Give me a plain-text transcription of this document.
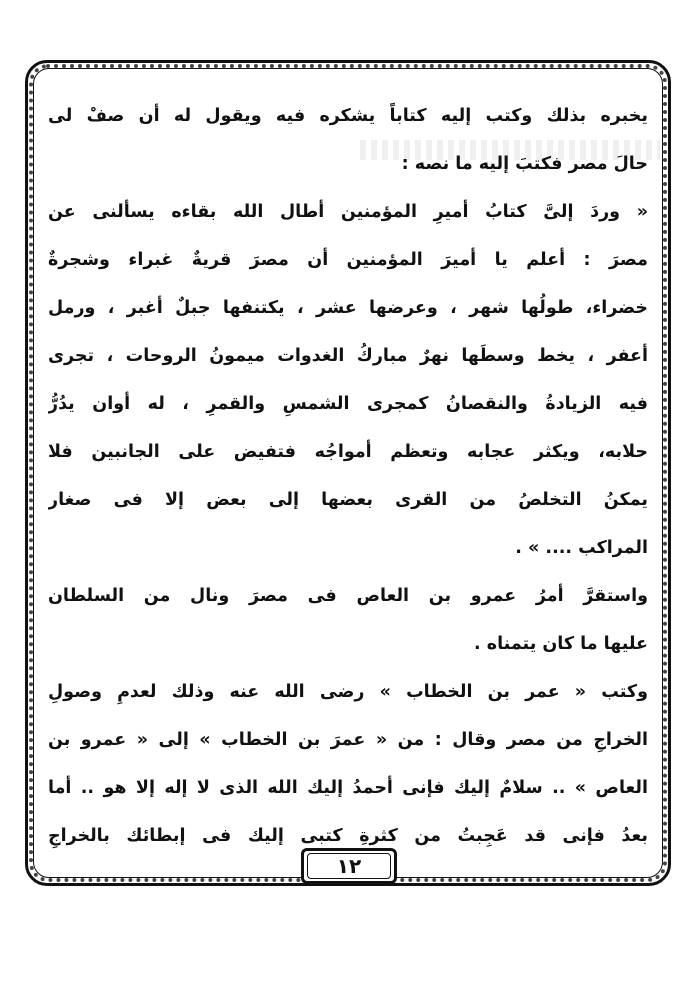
يخبره بذلك وكتب إليه كتاباً يشكره فيه ويقول له أن صفْ لى
حالَ مصر فكتبَ إليه ما نصه :
« وردَ إلىَّ كتابُ أميرِ المؤمنين أطال الله بقاءه يسألنى عن
مصرَ : أعلم يا أميرَ المؤمنين أن مصرَ قريةٌ غبراء وشجرةٌ
خضراء، طولُها شهر ، وعرضها عشر ، يكتنفها جبلٌ أغبر ، ورمل
أعفر ، يخط وسطَها نهرٌ مباركُ الغدوات ميمونُ الروحات ، تجرى
فيه الزيادةُ والنقصانُ كمجرى الشمسِ والقمرِ ، له أوان يدُرُّ
حلابه، ويكثر عجابه وتعظم أمواجُه فتفيض على الجانبين فلا
يمكنُ التخلصُ من القرى بعضها إلى بعض إلا فى صغار
المراكب .... » .
واستقرَّ أمرُ عمرو بن العاص فى مصرَ ونال من السلطان
عليها ما كان يتمناه .
وكتب « عمر بن الخطاب » رضى الله عنه وذلك لعدمِ وصولِ
الخراجِ من مصر وقال : من « عمرَ بن الخطاب » إلى « عمرو بن
العاص » .. سلامٌ إليك فإنى أحمدُ إليك الله الذى لا إله إلا هو .. أما
بعدُ فإنى قد عَجِبتُ من كثرةِ كتبى إليك فى إبطائك بالخراجِ
١٢
